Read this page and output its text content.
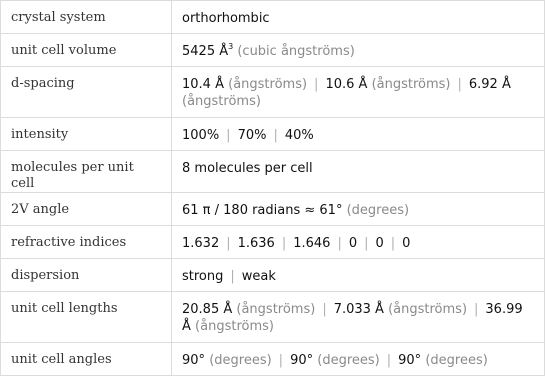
crystal system	orthorhombic
unit cell volume	5425 $Å^3$ (cubic ångströms)
d-spacing	10.4 Å (ångströms) | 10.6 Å (ångströms) | 6.92 Å (ångströms)
intensity	100% | 70% | 40%
molecules per unit cell	8 molecules per cell
2V angle	61 π / 180 radians ≈ 61° (degrees)
refractive indices	1.632 | 1.636 | 1.646 | 0 | 0 | 0
dispersion	strong | weak
unit cell lengths	20.85 Å (ångströms) | 7.033 Å (ångströms) | 36.99 Å (ångströms)
unit cell angles	90° (degrees) | 90° (degrees) | 90° (degrees)
